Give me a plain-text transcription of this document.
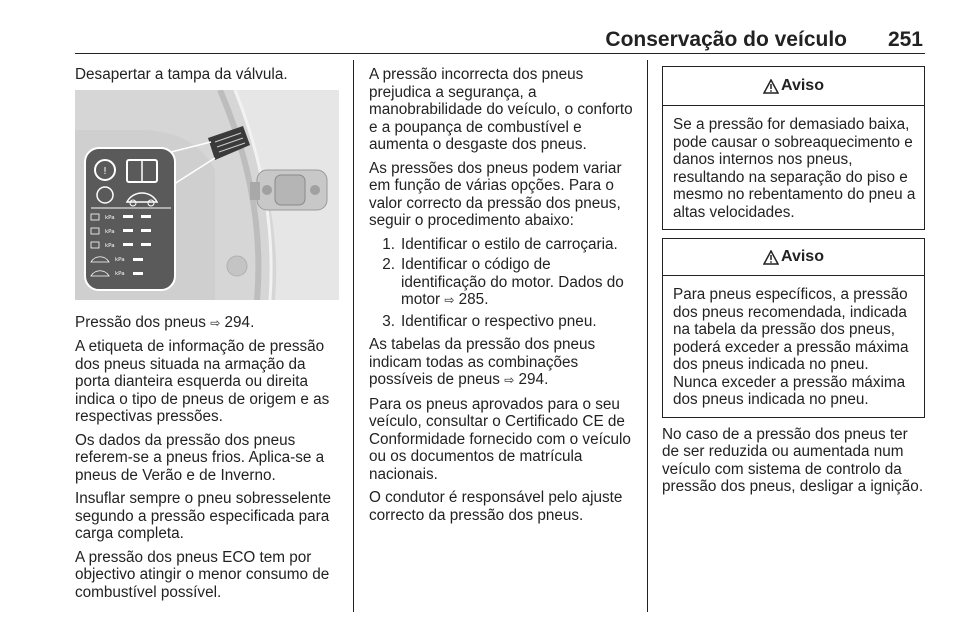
Conservação do veículo 251

Desapertar a tampa da válvula.

!
kPa
kPa
kPa
kPa
kPa

Pressão dos pneus ⇨ 294.

A etiqueta de informação de pressão dos pneus situada na armação da porta dianteira esquerda ou direita indica o tipo de pneus de origem e as respectivas pressões.

Os dados da pressão dos pneus referem-se a pneus frios. Aplica-se a pneus de Verão e de Inverno.

Insuflar sempre o pneu sobresselente segundo a pressão especificada para carga completa.

A pressão dos pneus ECO tem por objectivo atingir o menor consumo de combustível possível.

A pressão incorrecta dos pneus prejudica a segurança, a manobrabilidade do veículo, o conforto e a poupança de combustível e aumenta o desgaste dos pneus.

As pressões dos pneus podem variar em função de várias opções. Para o valor correcto da pressão dos pneus, seguir o procedimento abaixo:

1. Identificar o estilo de carroçaria.
2. Identificar o código de identificação do motor. Dados do motor ⇨ 285.
3. Identificar o respectivo pneu.

As tabelas da pressão dos pneus indicam todas as combinações possíveis de pneus ⇨ 294.

Para os pneus aprovados para o seu veículo, consultar o Certificado CE de Conformidade fornecido com o veículo ou os documentos de matrícula nacionais.

O condutor é responsável pelo ajuste correcto da pressão dos pneus.

Aviso
Se a pressão for demasiado baixa, pode causar o sobreaquecimento e danos internos nos pneus, resultando na separação do piso e mesmo no rebentamento do pneu a altas velocidades.
Aviso
Para pneus específicos, a pressão dos pneus recomendada, indicada na tabela da pressão dos pneus, poderá exceder a pressão máxima dos pneus indicada no pneu. Nunca exceder a pressão máxima dos pneus indicada no pneu.

No caso de a pressão dos pneus ter de ser reduzida ou aumentada num veículo com sistema de controlo da pressão dos pneus, desligar a ignição.
